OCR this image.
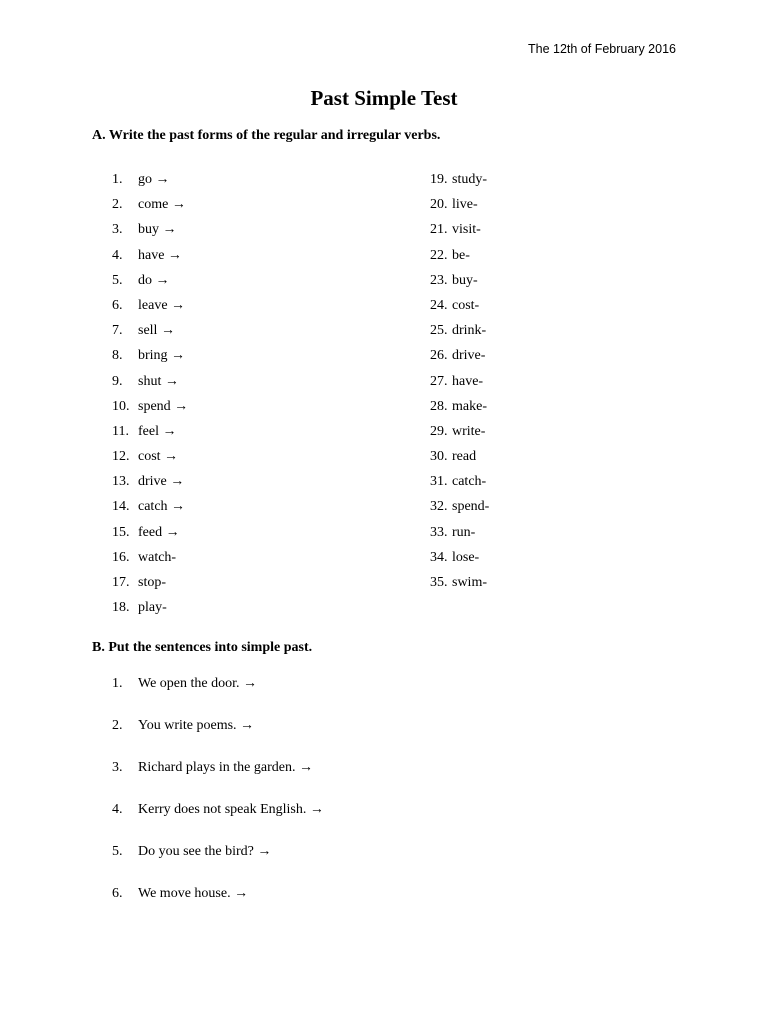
The 12th of February 2016
Past Simple Test
A. Write the past forms of the regular and irregular verbs.
1. go →
2. come →
3. buy →
4. have →
5. do →
6. leave →
7. sell →
8. bring →
9. shut →
10. spend →
11. feel →
12. cost →
13. drive →
14. catch →
15. feed →
16. watch-
17. stop-
18. play-
19. study-
20. live-
21. visit-
22. be-
23. buy-
24. cost-
25. drink-
26. drive-
27. have-
28. make-
29. write-
30. read
31. catch-
32. spend-
33. run-
34. lose-
35. swim-
B. Put the sentences into simple past.
1. We open the door. →
2. You write poems. →
3. Richard plays in the garden. →
4. Kerry does not speak English. →
5. Do you see the bird? →
6. We move house. →
